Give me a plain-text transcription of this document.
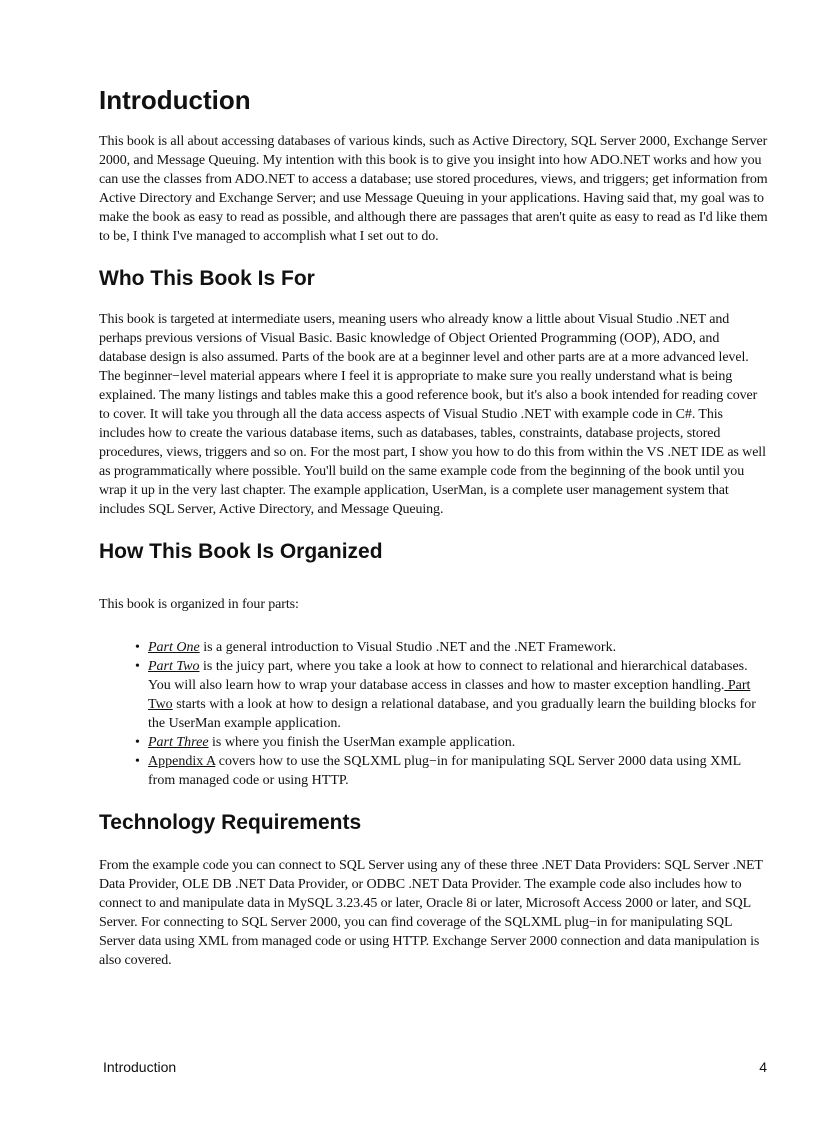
Introduction

This book is all about accessing databases of various kinds, such as Active Directory, SQL Server 2000, Exchange Server 2000, and Message Queuing. My intention with this book is to give you insight into how ADO.NET works and how you can use the classes from ADO.NET to access a database; use stored procedures, views, and triggers; get information from Active Directory and Exchange Server; and use Message Queuing in your applications. Having said that, my goal was to make the book as easy to read as possible, and although there are passages that aren't quite as easy to read as I'd like them to be, I think I've managed to accomplish what I set out to do.

Who This Book Is For

This book is targeted at intermediate users, meaning users who already know a little about Visual Studio .NET and perhaps previous versions of Visual Basic. Basic knowledge of Object Oriented Programming (OOP), ADO, and database design is also assumed. Parts of the book are at a beginner level and other parts are at a more advanced level. The beginner−level material appears where I feel it is appropriate to make sure you really understand what is being explained. The many listings and tables make this a good reference book, but it's also a book intended for reading cover to cover. It will take you through all the data access aspects of Visual Studio .NET with example code in C#. This includes how to create the various database items, such as databases, tables, constraints, database projects, stored procedures, views, triggers and so on. For the most part, I show you how to do this from within the VS .NET IDE as well as programmatically where possible. You'll build on the same example code from the beginning of the book until you wrap it up in the very last chapter. The example application, UserMan, is a complete user management system that includes SQL Server, Active Directory, and Message Queuing.

How This Book Is Organized

This book is organized in four parts:

• Part One is a general introduction to Visual Studio .NET and the .NET Framework.
• Part Two is the juicy part, where you take a look at how to connect to relational and hierarchical databases. You will also learn how to wrap your database access in classes and how to master exception handling. Part Two starts with a look at how to design a relational database, and you gradually learn the building blocks for the UserMan example application.
• Part Three is where you finish the UserMan example application.
• Appendix A covers how to use the SQLXML plug−in for manipulating SQL Server 2000 data using XML from managed code or using HTTP.
Technology Requirements

From the example code you can connect to SQL Server using any of these three .NET Data Providers: SQL Server .NET Data Provider, OLE DB .NET Data Provider, or ODBC .NET Data Provider. The example code also includes how to connect to and manipulate data in MySQL 3.23.45 or later, Oracle 8i or later, Microsoft Access 2000 or later, and SQL Server. For connecting to SQL Server 2000, you can find coverage of the SQLXML plug−in for manipulating SQL Server data using XML from managed code or using HTTP. Exchange Server 2000 connection and data manipulation is also covered.

Introduction	4
